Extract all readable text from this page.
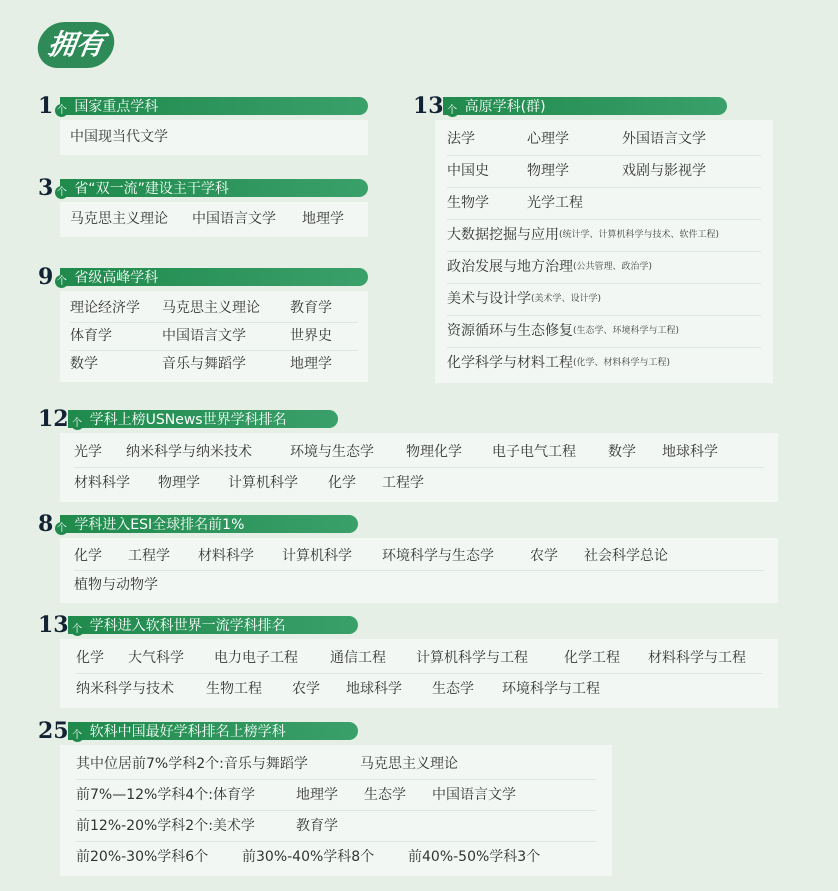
拥有
1 个 国家重点学科
中国现当代文学
3 个 省“双一流”建设主干学科
马克思主义理论	中国语言文学	地理学
9 个 省级高峰学科
理论经济学	马克思主义理论	教育学
体育学	中国语言文学	世界史
数学	音乐与舞蹈学	地理学
13 个 高原学科(群)
法学	心理学	外国语言文学
中国史	物理学	戏剧与影视学
生物学	光学工程
大数据挖掘与应用 (统计学、计算机科学与技术、软件工程)
政治发展与地方治理 (公共管理、政治学)
美术与设计学 (美术学、设计学)
资源循环与生态修复 (生态学、环境科学与工程)
化学科学与材料工程 (化学、材料科学与工程)
12 个 学科上榜USNews世界学科排名
光学	纳米科学与纳米技术	环境与生态学	物理化学	电子电气工程	数学	地球科学
材料科学	物理学	计算机科学	化学	工程学
8 个 学科进入ESI全球排名前1%
化学	工程学	材料科学	计算机科学	环境科学与生态学	农学	社会科学总论
植物与动物学
13 个 学科进入软科世界一流学科排名
化学	大气科学	电力电子工程	通信工程	计算机科学与工程	化学工程	材料科学与工程
纳米科学与技术	生物工程	农学	地球科学	生态学	环境科学与工程
25 个 软科中国最好学科排名上榜学科
其中位居前7%学科2个:音乐与舞蹈学	马克思主义理论
前7%—12%学科4个:体育学	地理学	生态学	中国语言文学
前12%-20%学科2个:美术学	教育学
前20%-30%学科6个	前30%-40%学科8个	前40%-50%学科3个
